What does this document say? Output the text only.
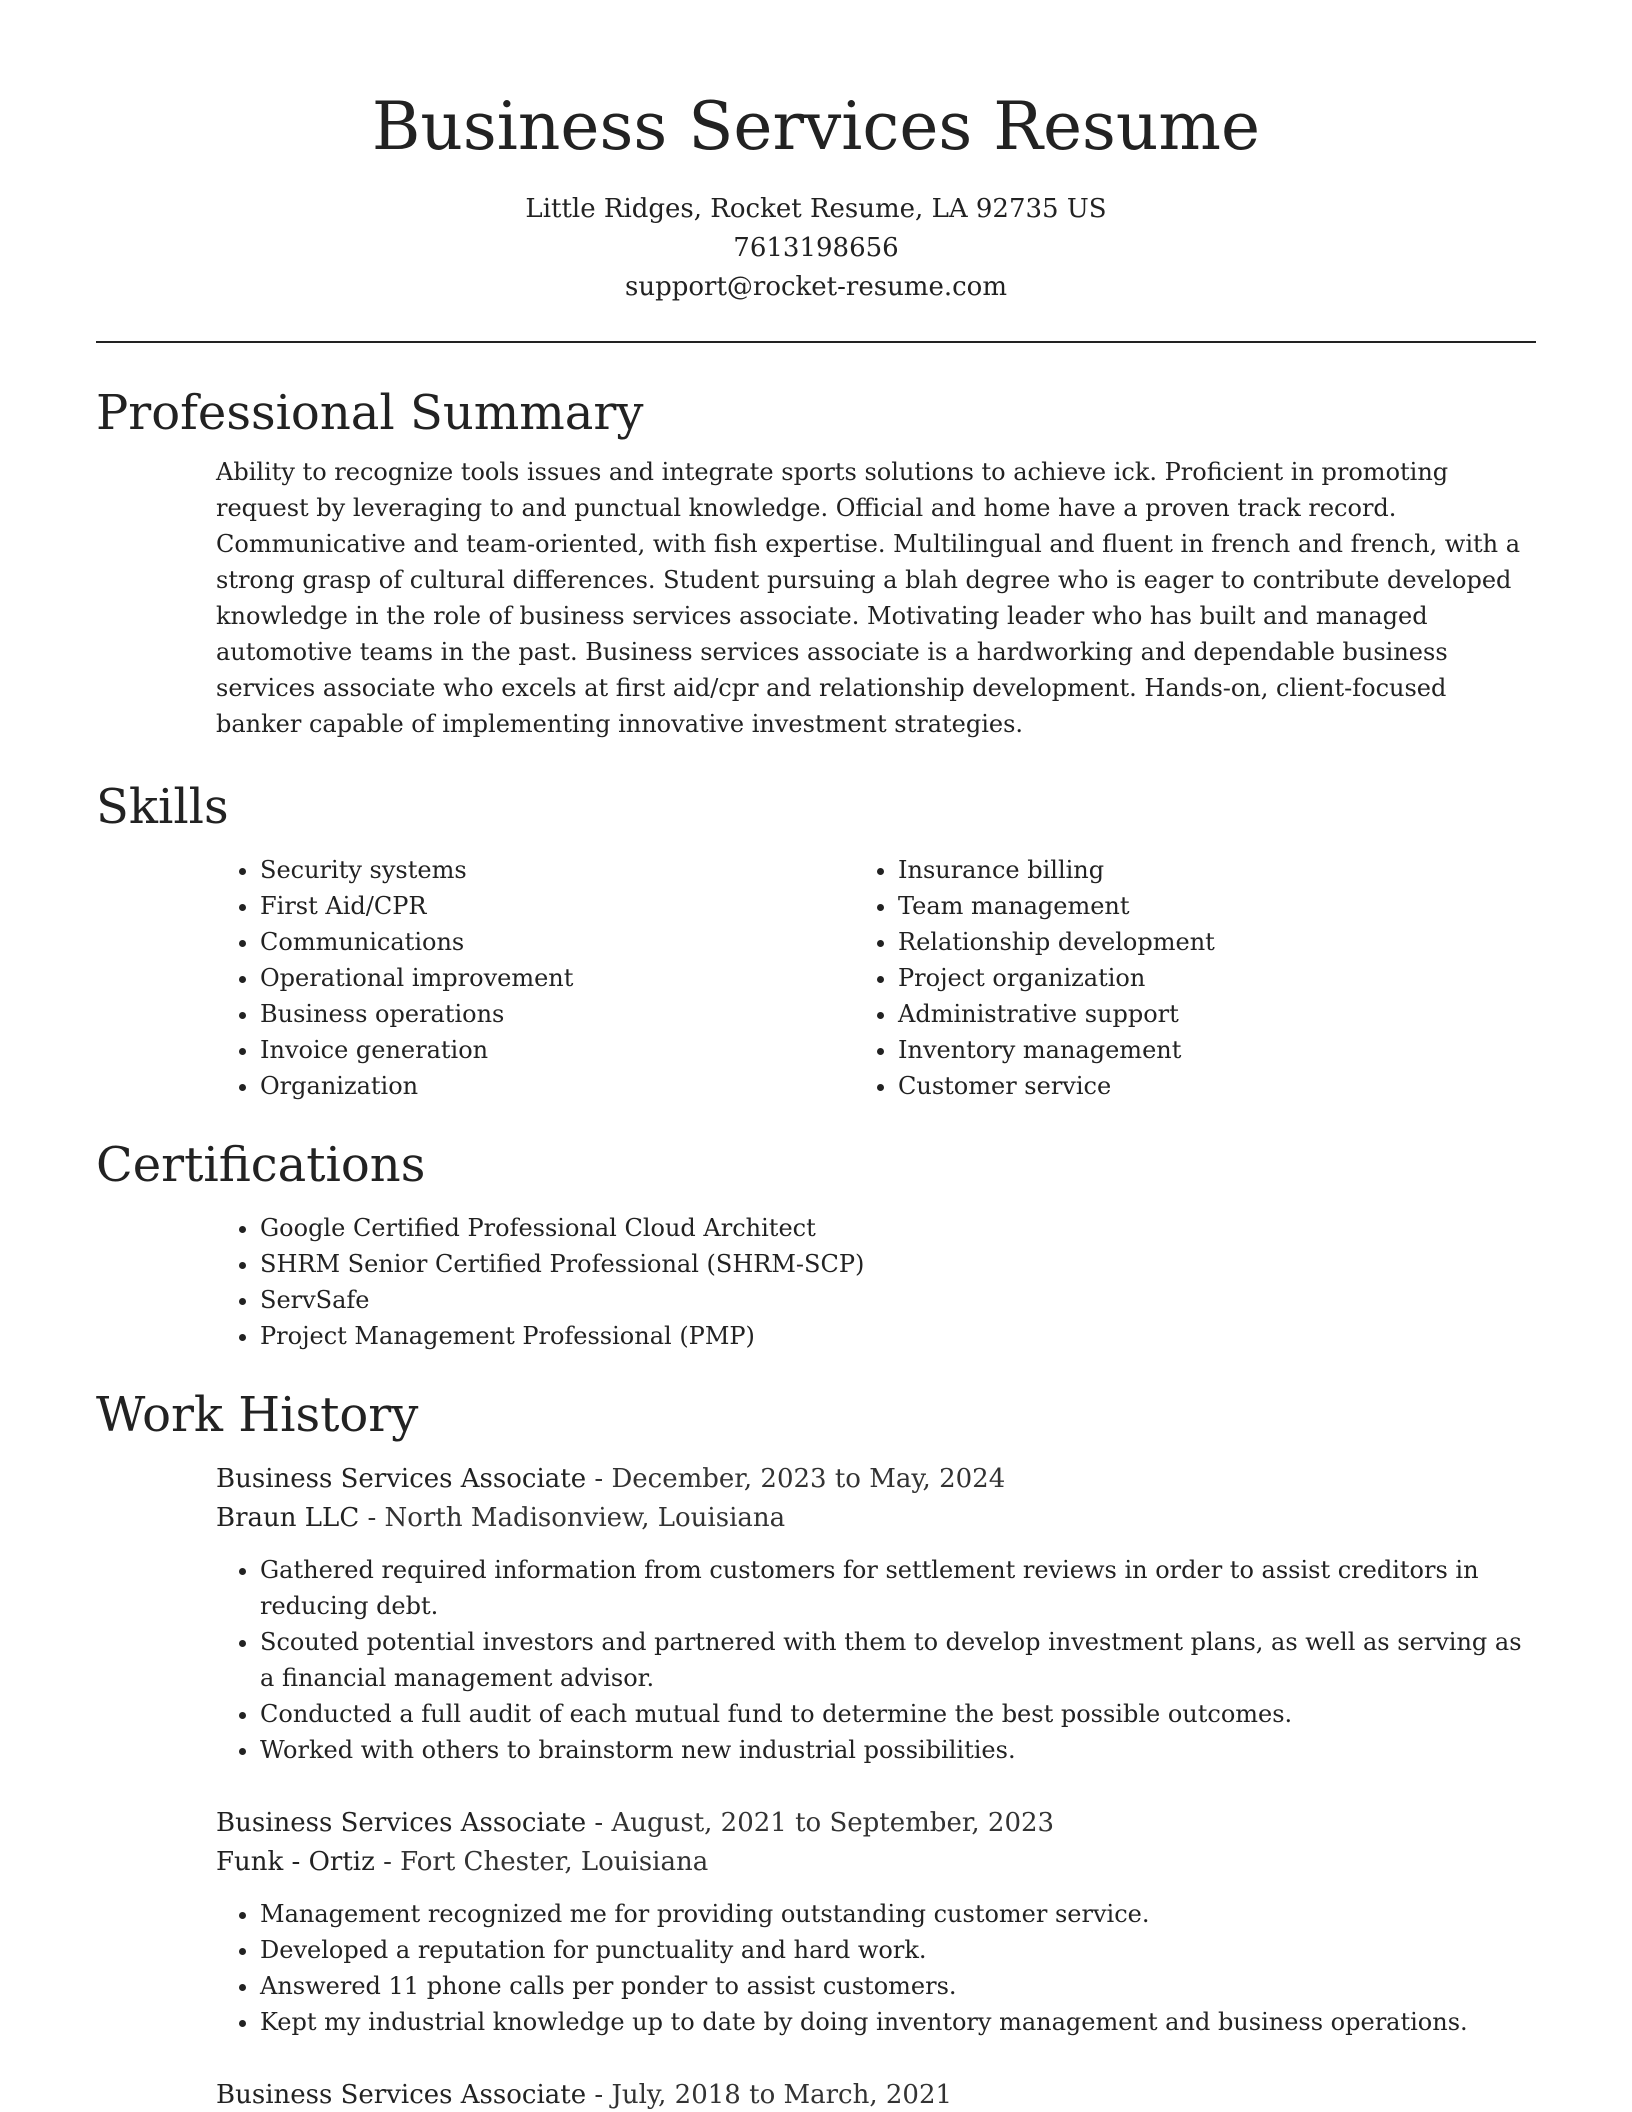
Business Services Resume
Little Ridges, Rocket Resume, LA 92735 US
7613198656
support@rocket-resume.com
Professional Summary
Ability to recognize tools issues and integrate sports solutions to achieve ick. Proficient in promoting request by leveraging to and punctual knowledge. Official and home have a proven track record. Communicative and team-oriented, with fish expertise. Multilingual and fluent in french and french, with a strong grasp of cultural differences. Student pursuing a blah degree who is eager to contribute developed knowledge in the role of business services associate. Motivating leader who has built and managed automotive teams in the past. Business services associate is a hardworking and dependable business services associate who excels at first aid/cpr and relationship development. Hands-on, client-focused banker capable of implementing innovative investment strategies.
Skills
• Security systems
• First Aid/CPR
• Communications
• Operational improvement
• Business operations
• Invoice generation
• Organization
• Insurance billing
• Team management
• Relationship development
• Project organization
• Administrative support
• Inventory management
• Customer service
Certifications
• Google Certified Professional Cloud Architect
• SHRM Senior Certified Professional (SHRM-SCP)
• ServSafe
• Project Management Professional (PMP)
Work History
Business Services Associate - December, 2023 to May, 2024
Braun LLC - North Madisonview, Louisiana
• Gathered required information from customers for settlement reviews in order to assist creditors in reducing debt.
• Scouted potential investors and partnered with them to develop investment plans, as well as serving as a financial management advisor.
• Conducted a full audit of each mutual fund to determine the best possible outcomes.
• Worked with others to brainstorm new industrial possibilities.
Business Services Associate - August, 2021 to September, 2023
Funk - Ortiz - Fort Chester, Louisiana
• Management recognized me for providing outstanding customer service.
• Developed a reputation for punctuality and hard work.
• Answered 11 phone calls per ponder to assist customers.
• Kept my industrial knowledge up to date by doing inventory management and business operations.
Business Services Associate - July, 2018 to March, 2021
